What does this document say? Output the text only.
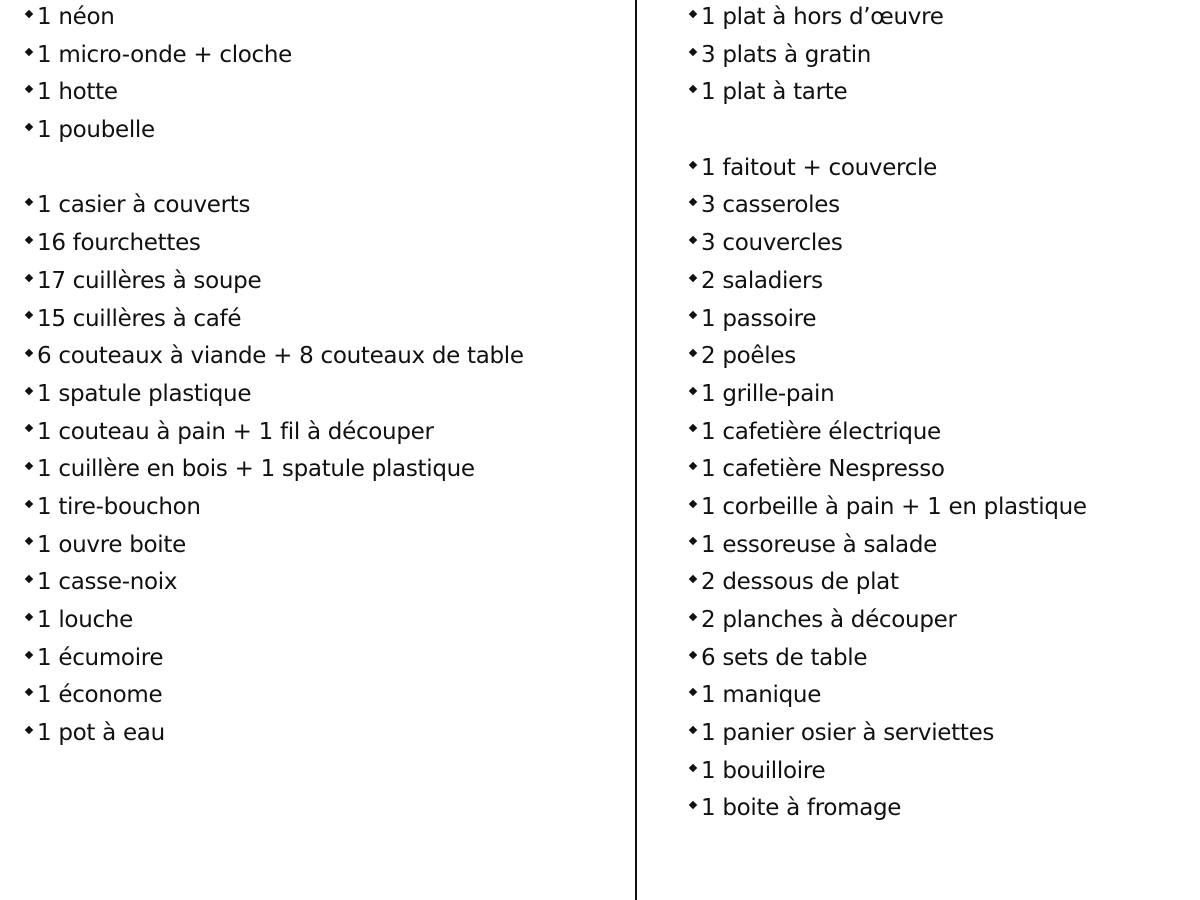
1 néon
1 micro-onde + cloche
1 hotte
1 poubelle
1 casier à couverts
16 fourchettes
17 cuillères à soupe
15 cuillères à café
6 couteaux à viande + 8 couteaux de table
1 spatule plastique
1 couteau à pain + 1 fil à découper
1 cuillère en bois + 1 spatule plastique
1 tire-bouchon
1 ouvre boite
1 casse-noix
1 louche
1 écumoire
1 économe
1 pot à eau
1 plat à hors d’œuvre
3 plats à gratin
1 plat à tarte
1 faitout + couvercle
3 casseroles
3 couvercles
2 saladiers
1 passoire
2 poêles
1 grille-pain
1 cafetière électrique
1 cafetière Nespresso
1 corbeille à pain + 1 en plastique
1 essoreuse à salade
2 dessous de plat
2 planches à découper
6 sets de table
1 manique
1 panier osier à serviettes
1 bouilloire
1 boite à fromage
